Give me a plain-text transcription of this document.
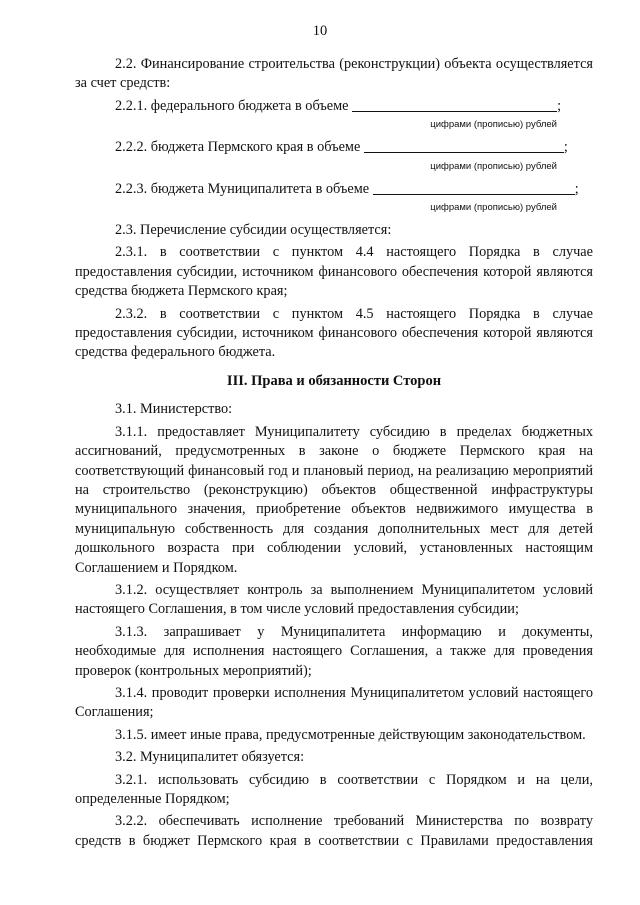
10

2.2. Финансирование строительства (реконструкции) объекта осуществляется за счет средств:

2.2.1. федерального бюджета в объеме	;

цифрами (прописью) рублей

2.2.2. бюджета Пермского края в объеме	;

цифрами (прописью) рублей

2.2.3. бюджета Муниципалитета в объеме	;

цифрами (прописью) рублей

2.3. Перечисление субсидии осуществляется:

2.3.1. в соответствии с пунктом 4.4 настоящего Порядка в случае предоставления субсидии, источником финансового обеспечения которой являются средства бюджета Пермского края;

2.3.2. в соответствии с пунктом 4.5 настоящего Порядка в случае предоставления субсидии, источником финансового обеспечения которой являются средства федерального бюджета.

III. Права и обязанности Сторон

3.1. Министерство:

3.1.1. предоставляет Муниципалитету субсидию в пределах бюджетных ассигнований, предусмотренных в законе о бюджете Пермского края на соответствующий финансовый год и плановый период, на реализацию мероприятий на строительство (реконструкцию) объектов общественной инфраструктуры муниципального значения, приобретение объектов недвижимого имущества в муниципальную собственность для создания дополнительных мест для детей дошкольного возраста при соблюдении условий, установленных настоящим Соглашением и Порядком.

3.1.2. осуществляет контроль за выполнением Муниципалитетом условий настоящего Соглашения, в том числе условий предоставления субсидии;

3.1.3. запрашивает у Муниципалитета информацию и документы, необходимые для исполнения настоящего Соглашения, а также для проведения проверок (контрольных мероприятий);

3.1.4. проводит проверки исполнения Муниципалитетом условий настоящего Соглашения;

3.1.5. имеет иные права, предусмотренные действующим законодательством.

3.2. Муниципалитет обязуется:

3.2.1. использовать субсидию в соответствии с Порядком и на цели, определенные Порядком;

3.2.2. обеспечивать исполнение требований Министерства по возврату средств в бюджет Пермского края в соответствии с Правилами предоставления
